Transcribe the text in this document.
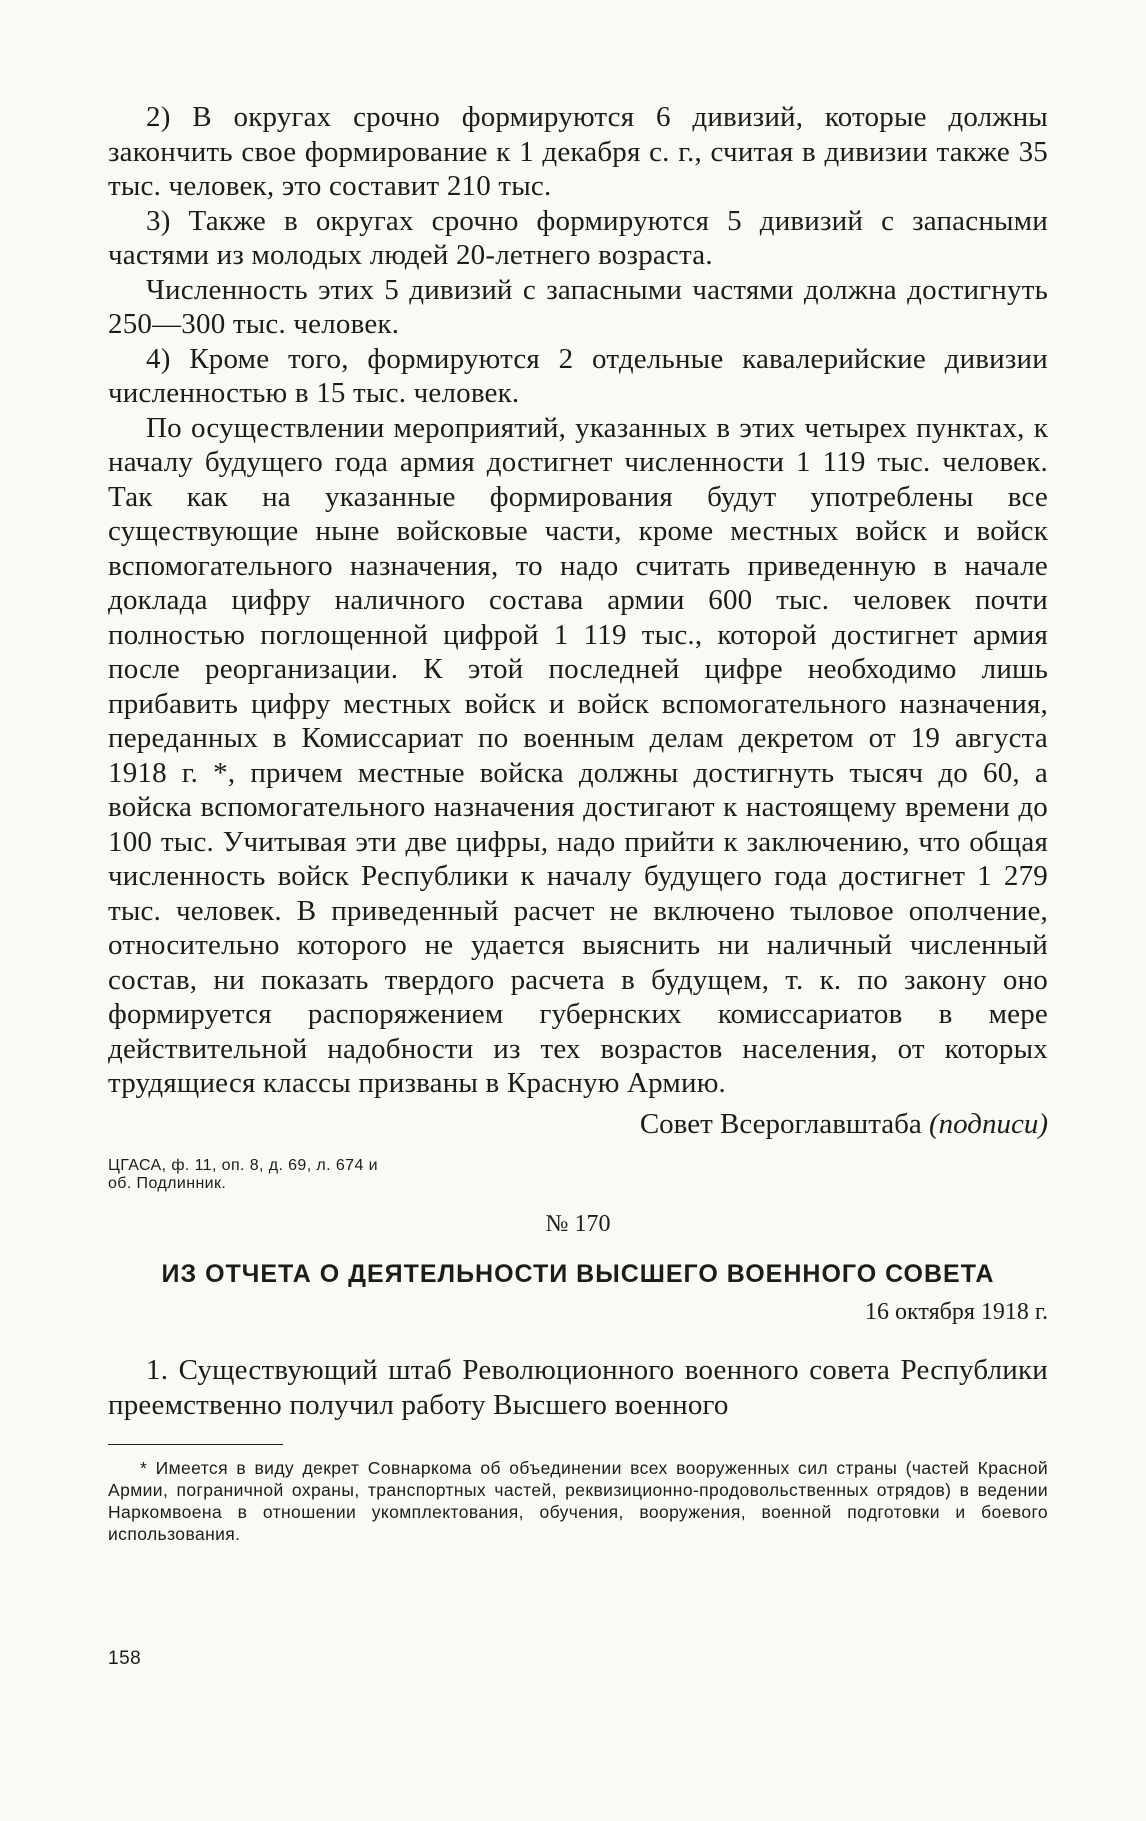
2) В округах срочно формируются 6 дивизий, которые должны закончить свое формирование к 1 декабря с. г., считая в дивизии также 35 тыс. человек, это составит 210 тыс.

3) Также в округах срочно формируются 5 дивизий с запасными частями из молодых людей 20-летнего возраста.

Численность этих 5 дивизий с запасными частями должна достигнуть 250—300 тыс. человек.

4) Кроме того, формируются 2 отдельные кавалерийские дивизии численностью в 15 тыс. человек.

По осуществлении мероприятий, указанных в этих четырех пунктах, к началу будущего года армия достигнет численности 1 119 тыс. человек. Так как на указанные формирования будут употреблены все существующие ныне войсковые части, кроме местных войск и войск вспомогательного назначения, то надо считать приведенную в начале доклада цифру наличного состава армии 600 тыс. человек почти полностью поглощенной цифрой 1 119 тыс., которой достигнет армия после реорганизации. К этой последней цифре необходимо лишь прибавить цифру местных войск и войск вспомогательного назначения, переданных в Комиссариат по военным делам декретом от 19 августа 1918 г. *, причем местные войска должны достигнуть тысяч до 60, а войска вспомогательного назначения достигают к настоящему времени до 100 тыс. Учитывая эти две цифры, надо прийти к заключению, что общая численность войск Республики к началу будущего года достигнет 1 279 тыс. человек. В приведенный расчет не включено тыловое ополчение, относительно которого не удается выяснить ни наличный численный состав, ни показать твердого расчета в будущем, т. к. по закону оно формируется распоряжением губернских комиссариатов в мере действительной надобности из тех возрастов населения, от которых трудящиеся классы призваны в Красную Армию.

Совет Всероглавштаба (подписи)

ЦГАСА, ф. 11, оп. 8, д. 69, л. 674 и
об. Подлинник.
№ 170
ИЗ ОТЧЕТА О ДЕЯТЕЛЬНОСТИ ВЫСШЕГО ВОЕННОГО СОВЕТА
16 октября 1918 г.

1. Существующий штаб Революционного военного совета Республики преемственно получил работу Высшего военного

* Имеется в виду декрет Совнаркома об объединении всех вооруженных сил страны (частей Красной Армии, пограничной охраны, транспортных частей, реквизиционно-продовольственных отрядов) в ведении Наркомвоена в отношении укомплектования, обучения, вооружения, военной подготовки и боевого использования.

158
